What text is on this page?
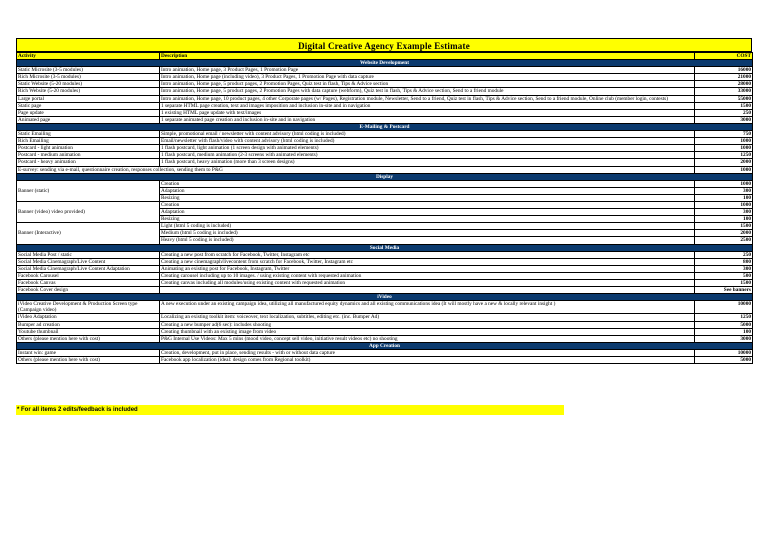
Digital Creative Agency Example Estimate
Activity	Description	COST
Website Development		
Static Microsite (3-5 modules)	Intro animation, Home page, 3 Product Pages, 1 Promotion Page	16000
Rich Microsite (3-5 modules)	Intro animation, Home page (including video), 3 Product Pages, 1 Promotion Page with data capture	21000
Static Website (5-20 modules)	Intro animation, Home page, 5 product pages, 2 Promotion Pages, Quiz test in flash, Tips & Advice section	28000
Rich Website (5-20 modules)	Intro animation, Home page, 5 product pages, 2 Promotion Pages with data capture (webform), Quiz test in flash, Tips & Advice section, Send to a friend module	33000
Large portal	Intro animation, Home page, 10 product pages, 4 other Corporate pages (w/ Pages), Registration module, Newsletter, Send to a friend, Quiz test in flash, Tips & Advice section, Send to a friend module, Online club (member login, contests)	55000
Static page	1 separate HTML page creation, text and images imposition and inclusion in-site and in navigation	1500
Page update	1 existing HTML page update with text/images	250
Animated page	1 separate animated page creation and inclusion in-site and in navigation	3000
E-Mailing & Postcard		
Static Emailing	Simple, promotional email / newsletter with content advisory (html coding is included)	750
Rich Emailing	Email/newsletter with flash/video with content advisory (html coding is included)	1000
Postcard - light animation	1 flash postcard, light animation (1 screen design with animated elements)	1000
Postcard - medium animation	1 flash postcard, medium animation (2-3 screens with animated elements)	1250
Postcard - heavy animation	1 flash postcard, heavy animation (more than 3 screen designs)	2000
E-survey: sending via e-mail, questionnaire creation, responses collection, sending them to P&G		1000
Display		
Banner (static)	Creation	1000
	Adaptation	300
	Resizing	100
Banner (video) video provided)	Creation	1000
	Adaptation	300
	Resizing	100
Banner (Interactive)	Light (html 5 coding is included)	1500
	Medium (html 5 coding is included)	2000
	Heavy (html 5 coding is included)	2500
Social Media		
Social Media Post / static	Creating a new post from scratch for Facebook, Twitter, Instagram etc	250
Social Media Cinemagraph/Live Content	Creating a new cinemagraph/livecontent from scratch for Facebook, Twitter, Instagram etc	800
Social Media Cinemagraph/Live Content Adaptation	Animating an existing post for Facebook, Instagram, Twitter	300
Facebook Carousel	Creating carousel including up to 10 images. / using existing content with requested animation	500
Facebook Canvas	Creating canvas including all modules/using existing content with requested animation	1500
Facebook Cover design		See banners
iVideo		
iVideo Creative Development & Production Screen type (Campaign video)	A new execution under an existing campaign idea, utilizing all manufactured equity dynamics and all existing communications idea (It will mostly have a new & locally relevant insight )	10000
iVideo Adaptation	Localizing an existing toolkit item: voiceover, text localization, subtitles, editing etc. (inc. Bumper Ad)	1250
Bumper ad creation	Creating a new bumper ad(6 sec): includes shooting	5000
Youtube thumbnail	Creating thumbnail with an existing image from video	100
Others (please mention here with cost)	P&G Internal Use Videos: Max 5 mins (mood video, concept sell video, initiative result videos etc) no shooting	3000
App Creation		
Instant win: game	Creation, development, put in place, sending results - with or without data capture	10000
Others (please mention here with cost)	Facebook app localization (ideal: design comes from Regional toolkit)	5000
* For all items 2 edits/feedback is included
